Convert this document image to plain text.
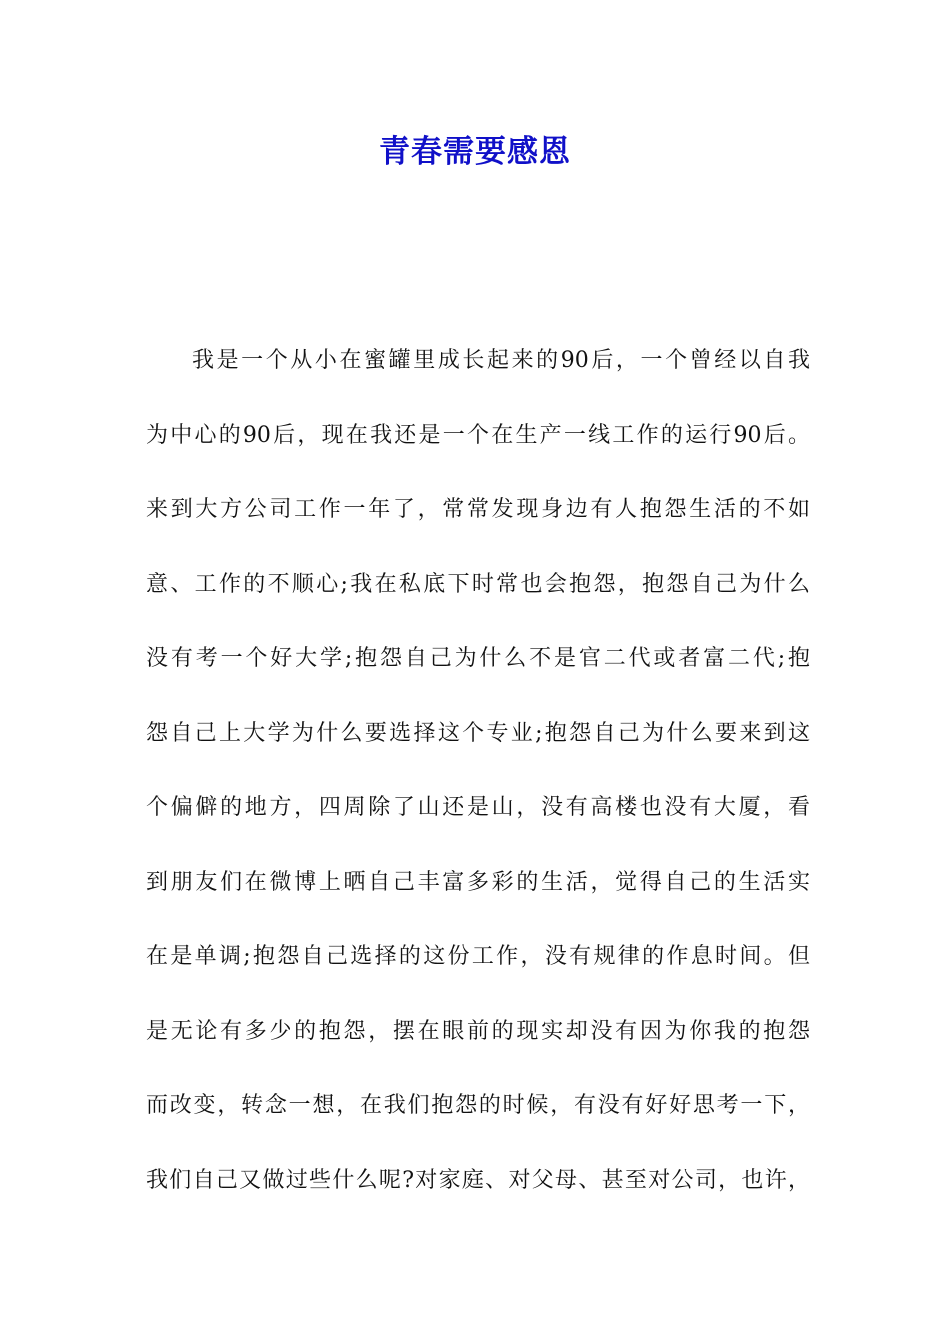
青春需要感恩
我是一个从小在蜜罐里成长起来的90后，一个曾经以自我
为中心的90后，现在我还是一个在生产一线工作的运行90后。
来到大方公司工作一年了，常常发现身边有人抱怨生活的不如
意、工作的不顺心;我在私底下时常也会抱怨，抱怨自己为什么
没有考一个好大学;抱怨自己为什么不是官二代或者富二代;抱
怨自己上大学为什么要选择这个专业;抱怨自己为什么要来到这
个偏僻的地方，四周除了山还是山，没有高楼也没有大厦，看
到朋友们在微博上晒自己丰富多彩的生活，觉得自己的生活实
在是单调;抱怨自己选择的这份工作，没有规律的作息时间。但
是无论有多少的抱怨，摆在眼前的现实却没有因为你我的抱怨
而改变，转念一想，在我们抱怨的时候，有没有好好思考一下，
我们自己又做过些什么呢?对家庭、对父母、甚至对公司，也许，
